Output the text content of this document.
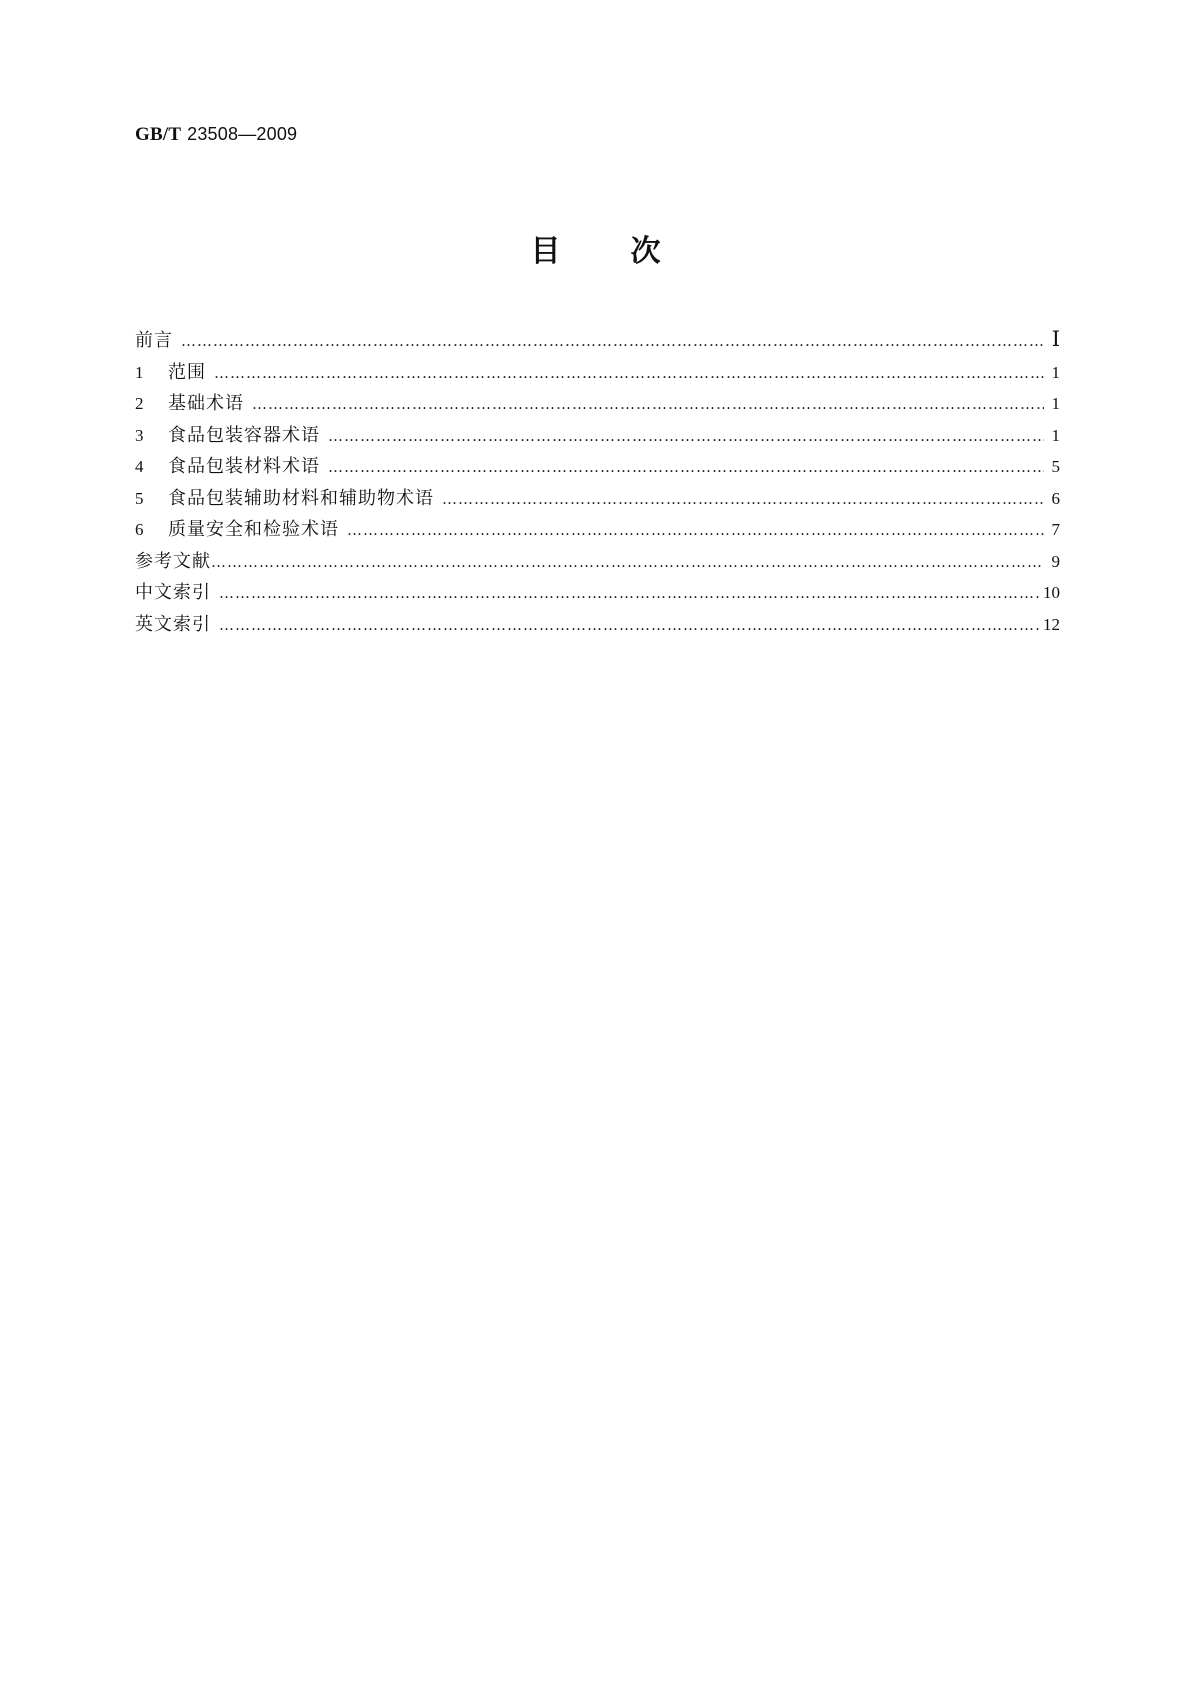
GB/T 23508—2009
目 次
前言 …………………………………………………………………………………………………………………………………………………………………………………………………………………………………………	Ⅰ
1	范围 …………………………………………………………………………………………………………………………………………………………………………………………………………………………………………	1
2	基础术语 …………………………………………………………………………………………………………………………………………………………………………………………………………………………………………	1
3	食品包装容器术语 …………………………………………………………………………………………………………………………………………………………………………………………………………………………………………	1
4	食品包装材料术语 …………………………………………………………………………………………………………………………………………………………………………………………………………………………………………	5
5	食品包装辅助材料和辅助物术语 …………………………………………………………………………………………………………………………………………………………………………………………………………………………………………	6
6	质量安全和检验术语 …………………………………………………………………………………………………………………………………………………………………………………………………………………………………………	7
参考文献 …………………………………………………………………………………………………………………………………………………………………………………………………………………………………………	9
中文索引 …………………………………………………………………………………………………………………………………………………………………………………………………………………………………………	10
英文索引 …………………………………………………………………………………………………………………………………………………………………………………………………………………………………………	12
